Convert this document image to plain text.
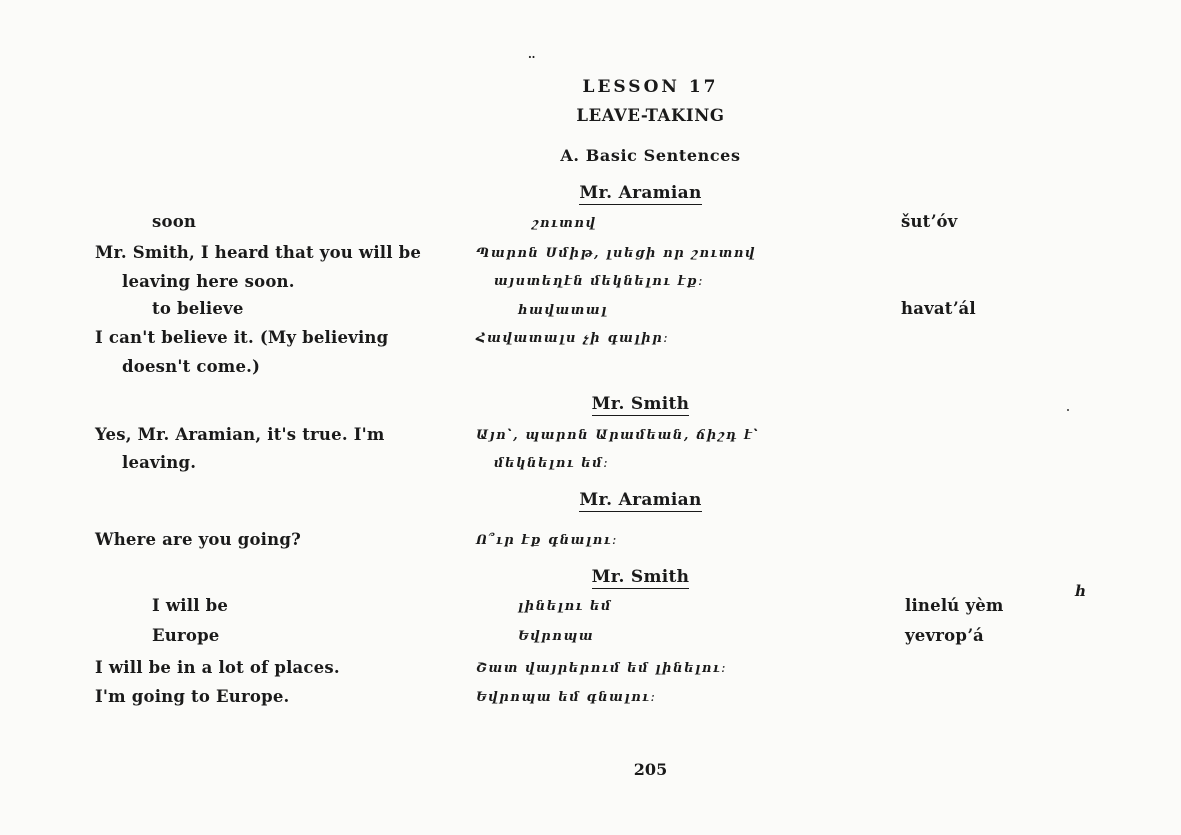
‥
LESSON 17
LEAVE-TAKING
A. Basic Sentences
Mr. Aramian
Mr. Smith
Mr. Aramian
Mr. Smith
soon
Mr. Smith, I heard that you will be
leaving here soon.
to believe
I can't believe it. (My believing
doesn't come.)
Yes, Mr. Aramian, it's true. I'm
leaving.
Where are you going?
I will be
Europe
I will be in a lot of places.
I'm going to Europe.
շուտով
Պարոն Սմիթ, լսեցի որ շուտով
այստեղէն մեկնելու էք։
հավատալ
Հավատալս չի գալիր։
Այո՝, պարոն Արամեան, ճիշդ է՝
մեկնելու եմ։
Ո՞ւր էք գնալու։
լինելու եմ
Եվրոպա
Շատ վայրերում եմ լինելու։
Եվրոպա եմ գնալու։
šutʼóv
havatʼál
linelú yèm
yevropʼá
հ
205
